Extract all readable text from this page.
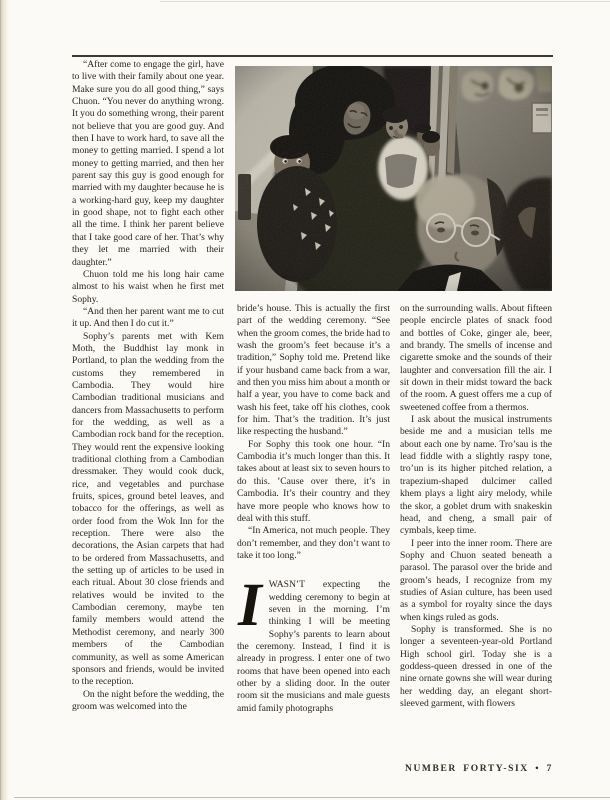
“After come to engage the girl, have to live with their family about one year. Make sure you do all good thing,” says Chuon. “You never do anything wrong. It you do something wrong, their parent not believe that you are good guy. And then I have to work hard, to save all the money to getting married. I spend a lot money to getting married, and then her parent say this guy is good enough for married with my daughter because he is a working-hard guy, keep my daughter in good shape, not to fight each other all the time. I think her parent believe that I take good care of her. That’s why they let me married with their daughter.”

Chuon told me his long hair came almost to his waist when he first met Sophy.

“And then her parent want me to cut it up. And then I do cut it.”

Sophy’s parents met with Kem Moth, the Buddhist lay monk in Portland, to plan the wedding from the customs they remembered in Cambodia. They would hire Cambodian traditional musicians and dancers from Massachusetts to perform for the wedding, as well as a Cambodian rock band for the reception. They would rent the expensive looking traditional clothing from a Cambodian dressmaker. They would cook duck, rice, and vegetables and purchase fruits, spices, ground betel leaves, and tobacco for the offerings, as well as order food from the Wok Inn for the reception. There were also the decorations, the Asian carpets that had to be ordered from Massachusetts, and the setting up of articles to be used in each ritual. About 30 close friends and relatives would be invited to the Cambodian ceremony, maybe ten family members would attend the Methodist ceremony, and nearly 300 members of the Cambodian community, as well as some American sponsors and friends, would be invited to the reception.

On the night before the wedding, the groom was welcomed into the

bride’s house. This is actually the first part of the wedding ceremony. “See when the groom comes, the bride had to wash the groom’s feet because it’s a tradition,” Sophy told me. Pretend like if your husband came back from a war, and then you miss him about a month or half a year, you have to come back and wash his feet, take off his clothes, cook for him. That’s the tradition. It’s just like respecting the husband.”

For Sophy this took one hour. “In Cambodia it’s much longer than this. It takes about at least six to seven hours to do this. ’Cause over there, it’s in Cambodia. It’s their country and they have more people who knows how to deal with this stuff.

“In America, not much people. They don’t remember, and they don’t want to take it too long.”

IWASN’T expecting the wedding ceremony to begin at seven in the morning. I’m thinking I will be meeting Sophy’s parents to learn about the ceremony. Instead, I find it is already in progress. I enter one of two rooms that have been opened into each other by a sliding door. In the outer room sit the musicians and male guests amid family photographs

on the surrounding walls. About fifteen people encircle plates of snack food and bottles of Coke, ginger ale, beer, and brandy. The smells of incense and cigarette smoke and the sounds of their laughter and conversation fill the air. I sit down in their midst toward the back of the room. A guest offers me a cup of sweetened coffee from a thermos.

I ask about the musical instruments beside me and a musician tells me about each one by name. Tro’sau is the lead fiddle with a slightly raspy tone, tro’un is its higher pitched relation, a trapezium-shaped dulcimer called khem plays a light airy melody, while the skor, a goblet drum with snakeskin head, and cheng, a small pair of cymbals, keep time.

I peer into the inner room. There are Sophy and Chuon seated beneath a parasol. The parasol over the bride and groom’s heads, I recognize from my studies of Asian culture, has been used as a symbol for royalty since the days when kings ruled as gods.

Sophy is transformed. She is no longer a seventeen-year-old Portland High school girl. Today she is a goddess-queen dressed in one of the nine ornate gowns she will wear during her wedding day, an elegant short-sleeved garment, with flowers

NUMBER FORTY-SIX • 7
